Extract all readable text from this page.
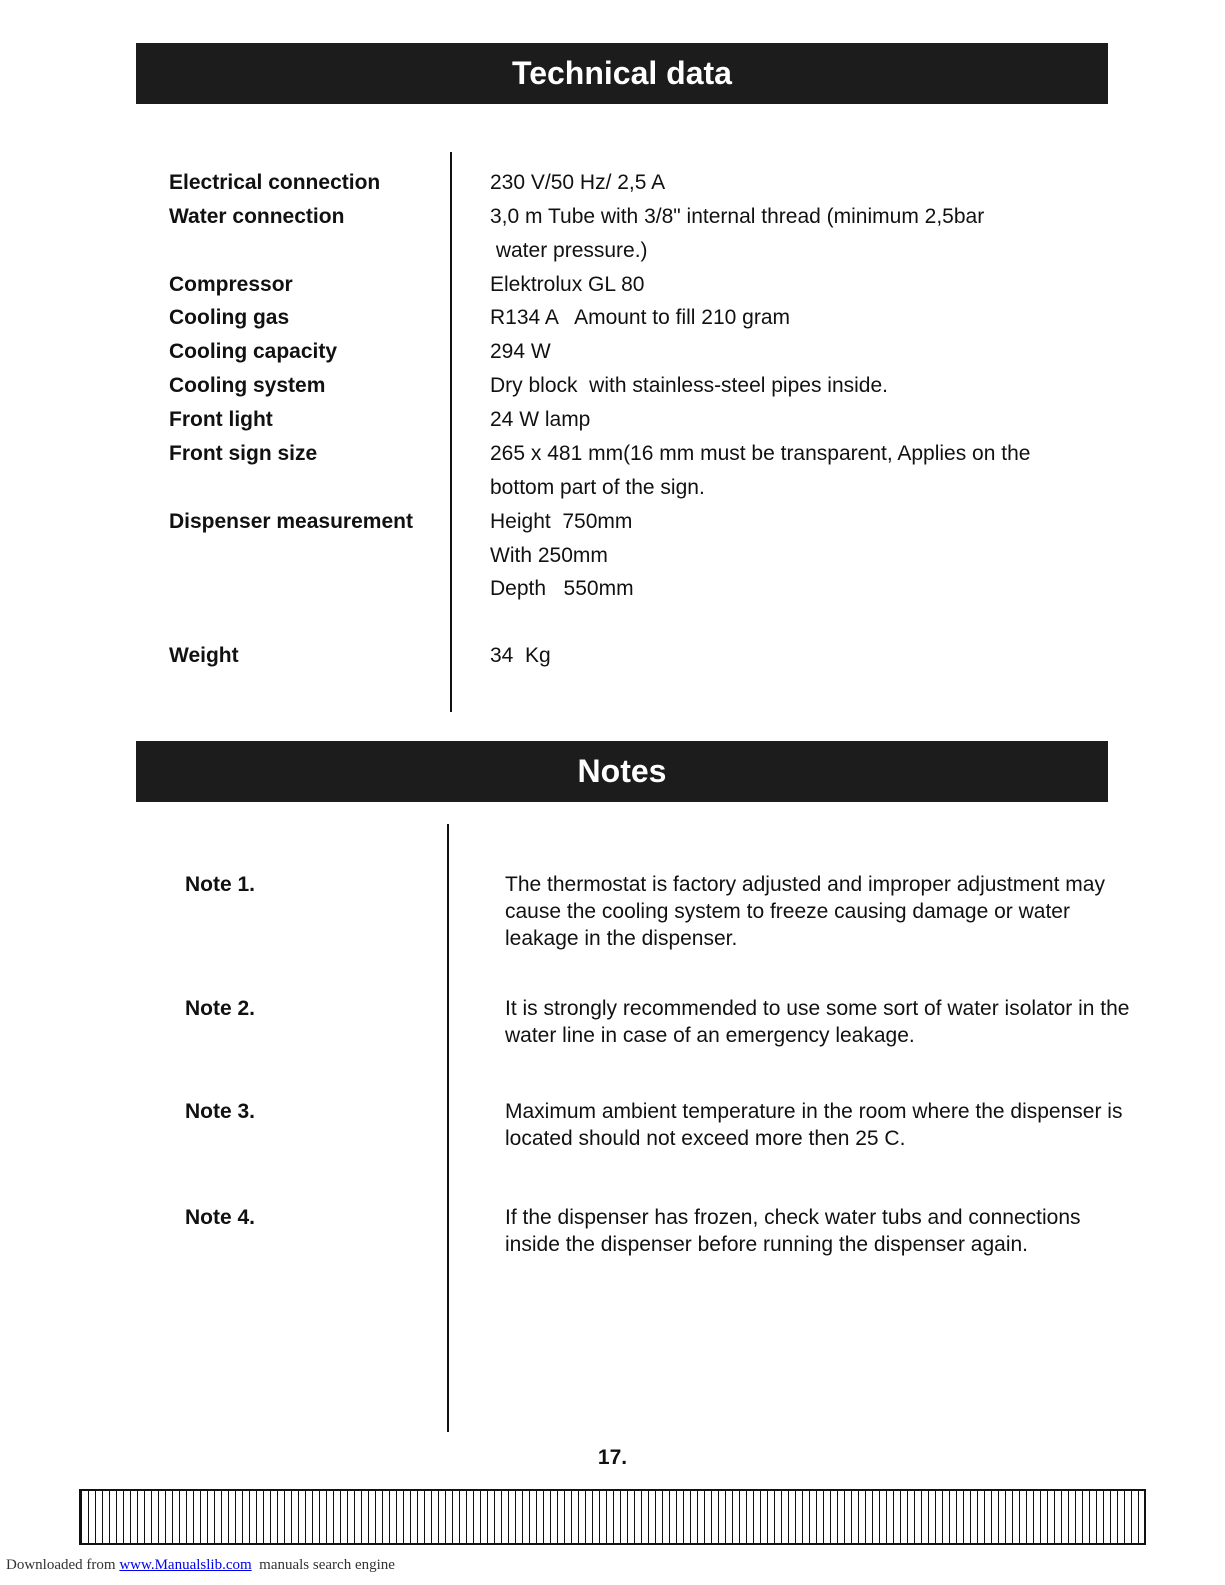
Technical data
Electrical connection	230 V/50 Hz/ 2,5 A
Water connection	3,0 m Tube with 3/8" internal thread (minimum 2,5bar
water pressure.)
Compressor	Elektrolux GL 80
Cooling gas	R134 A   Amount to fill 210 gram
Cooling capacity	294 W
Cooling system	Dry block  with stainless-steel pipes inside.
Front light	24 W lamp
Front sign size	265 x 481 mm(16 mm must be transparent, Applies on the
bottom part of the sign.
Dispenser measurement	Height  750mm
With 250mm
Depth   550mm
Weight	34  Kg
Notes
Note 1.	The thermostat is factory adjusted and improper adjustment may cause the cooling system to freeze causing damage or water leakage in the dispenser.
Note 2.	It is strongly recommended to use some sort of water isolator in the water line in case of an emergency leakage.
Note 3.	Maximum ambient temperature in the room where the dispenser is located should not exceed more then 25 C.
Note 4.	If the dispenser has frozen, check water tubs and connections inside the dispenser before running the dispenser again.
17.
Downloaded from www.Manualslib.com  manuals search engine
